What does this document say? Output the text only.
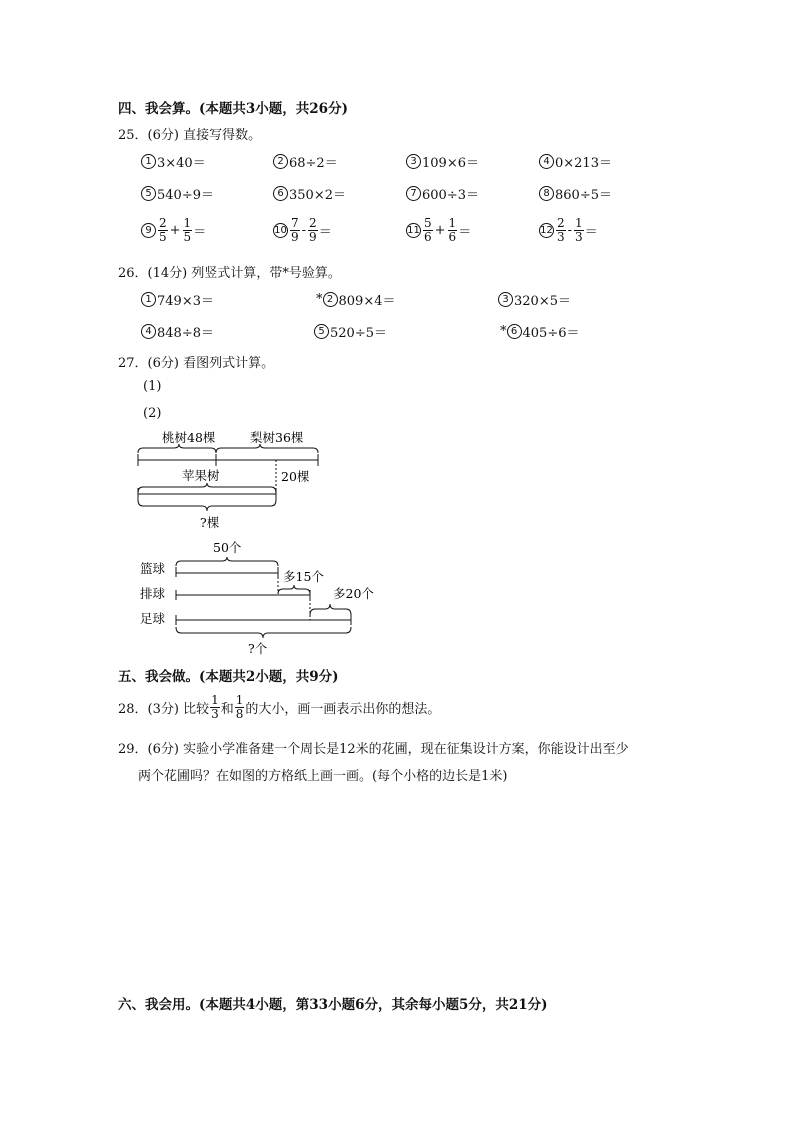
四、我会算。(本题共3小题，共26分)
25．(6分) 直接写得数。
1 3×40＝	2 68÷2＝	3 109×6＝	4 0×213＝
5 540÷9＝	6 350×2＝	7 600÷3＝	8 860÷5＝
$9 \frac{2}{5} + \frac{1}{5}$ ＝	$10 \frac{7}{9} - \frac{2}{9}$ ＝	$11 \frac{5}{6} + \frac{1}{6}$ ＝	$12 \frac{2}{3} - \frac{1}{3}$ ＝
26．(14分) 列竖式计算，带*号验算。
1 749×3＝	* 2 809×4＝	3 320×5＝
4 848÷8＝	5 520÷5＝	* 6 405÷6＝
27．(6分) 看图列式计算。
(1)
(2)
桃树48棵	梨树36棵
20棵
苹果树
?棵
50个
篮球
多15个
排球	多20个
足球
?个
五、我会做。(本题共2小题，共9分)
28．(3分) 比较 $\frac{1}{3}$ 和 $\frac{1}{8}$ 的大小，画一画表示出你的想法。
29．(6分) 实验小学准备建一个周长是12米的花圃，现在征集设计方案，你能设计出至少
两个花圃吗？在如图的方格纸上画一画。(每个小格的边长是1米)
六、我会用。(本题共4小题，第33小题6分，其余每小题5分，共21分)
